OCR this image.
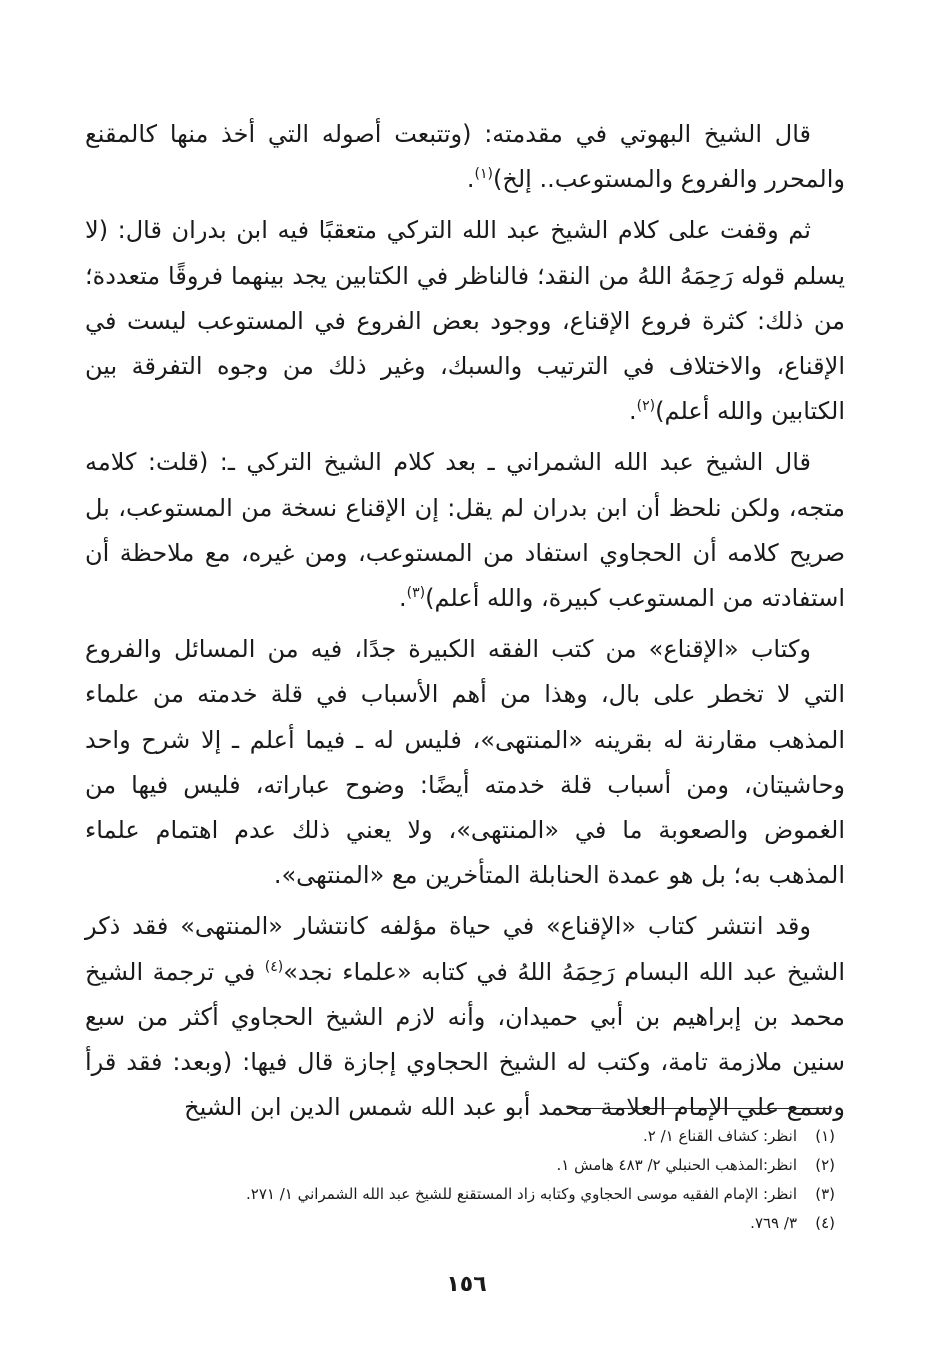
قال الشيخ البهوتي في مقدمته: (وتتبعت أصوله التي أخذ منها كالمقنع والمحرر والفروع والمستوعب.. إلخ)$^{(١)}$.

ثم وقفت على كلام الشيخ عبد الله التركي متعقبًا فيه ابن بدران قال: (لا يسلم قوله رَحِمَهُ اللهُ من النقد؛ فالناظر في الكتابين يجد بينهما فروقًا متعددة؛ من ذلك: كثرة فروع الإقناع، ووجود بعض الفروع في المستوعب ليست في الإقناع، والاختلاف في الترتيب والسبك، وغير ذلك من وجوه التفرقة بين الكتابين والله أعلم)$^{(٢)}$.

قال الشيخ عبد الله الشمراني ـ بعد كلام الشيخ التركي ـ: (قلت: كلامه متجه، ولكن نلحظ أن ابن بدران لم يقل: إن الإقناع نسخة من المستوعب، بل صريح كلامه أن الحجاوي استفاد من المستوعب، ومن غيره، مع ملاحظة أن استفادته من المستوعب كبيرة، والله أعلم)$^{(٣)}$.

وكتاب «الإقناع» من كتب الفقه الكبيرة جدًا، فيه من المسائل والفروع التي لا تخطر على بال، وهذا من أهم الأسباب في قلة خدمته من علماء المذهب مقارنة له بقرينه «المنتهى»، فليس له ـ فيما أعلم ـ إلا شرح واحد وحاشيتان، ومن أسباب قلة خدمته أيضًا: وضوح عباراته، فليس فيها من الغموض والصعوبة ما في «المنتهى»، ولا يعني ذلك عدم اهتمام علماء المذهب به؛ بل هو عمدة الحنابلة المتأخرين مع «المنتهى».

وقد انتشر كتاب «الإقناع» في حياة مؤلفه كانتشار «المنتهى» فقد ذكر الشيخ عبد الله البسام رَحِمَهُ اللهُ في كتابه «علماء نجد»$^{(٤)}$ في ترجمة الشيخ محمد بن إبراهيم بن أبي حميدان، وأنه لازم الشيخ الحجاوي أكثر من سبع سنين ملازمة تامة، وكتب له الشيخ الحجاوي إجازة قال فيها: (وبعد: فقد قرأ وسمع علي الإمام العلامة محمد أبو عبد الله شمس الدين ابن الشيخ

(١)انظر: كشاف القناع ١/ ٢.
(٢)انظر:المذهب الحنبلي ٢/ ٤٨٣ هامش ١.
(٣)انظر: الإمام الفقيه موسى الحجاوي وكتابه زاد المستقنع للشيخ عبد الله الشمراني ١/ ٢٧١.
(٤)٣/ ٧٦٩.
١٥٦
